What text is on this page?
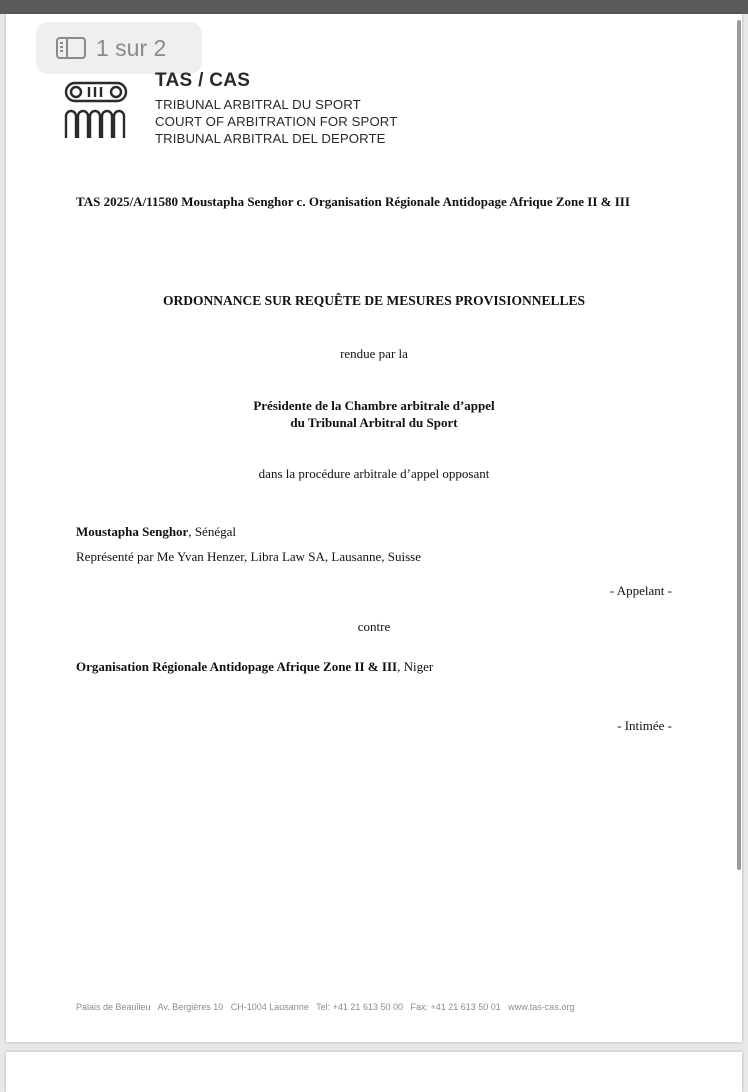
1 sur 2
TAS / CAS
TRIBUNAL ARBITRAL DU SPORT
COURT OF ARBITRATION FOR SPORT
TRIBUNAL ARBITRAL DEL DEPORTE
TAS 2025/A/11580 Moustapha Senghor c. Organisation Régionale Antidopage Afrique Zone II & III
ORDONNANCE SUR REQUÊTE DE MESURES PROVISIONNELLES
rendue par la
Présidente de la Chambre arbitrale d’appel
du Tribunal Arbitral du Sport
dans la procédure arbitrale d’appel opposant
Moustapha Senghor, Sénégal
Représenté par Me Yvan Henzer, Libra Law SA, Lausanne, Suisse
- Appelant -
contre
Organisation Régionale Antidopage Afrique Zone II & III, Niger
- Intimée -
Palais de Beaulieu   Av. Bergières 10   CH-1004 Lausanne   Tel: +41 21 613 50 00   Fax: +41 21 613 50 01   www.tas-cas.org
